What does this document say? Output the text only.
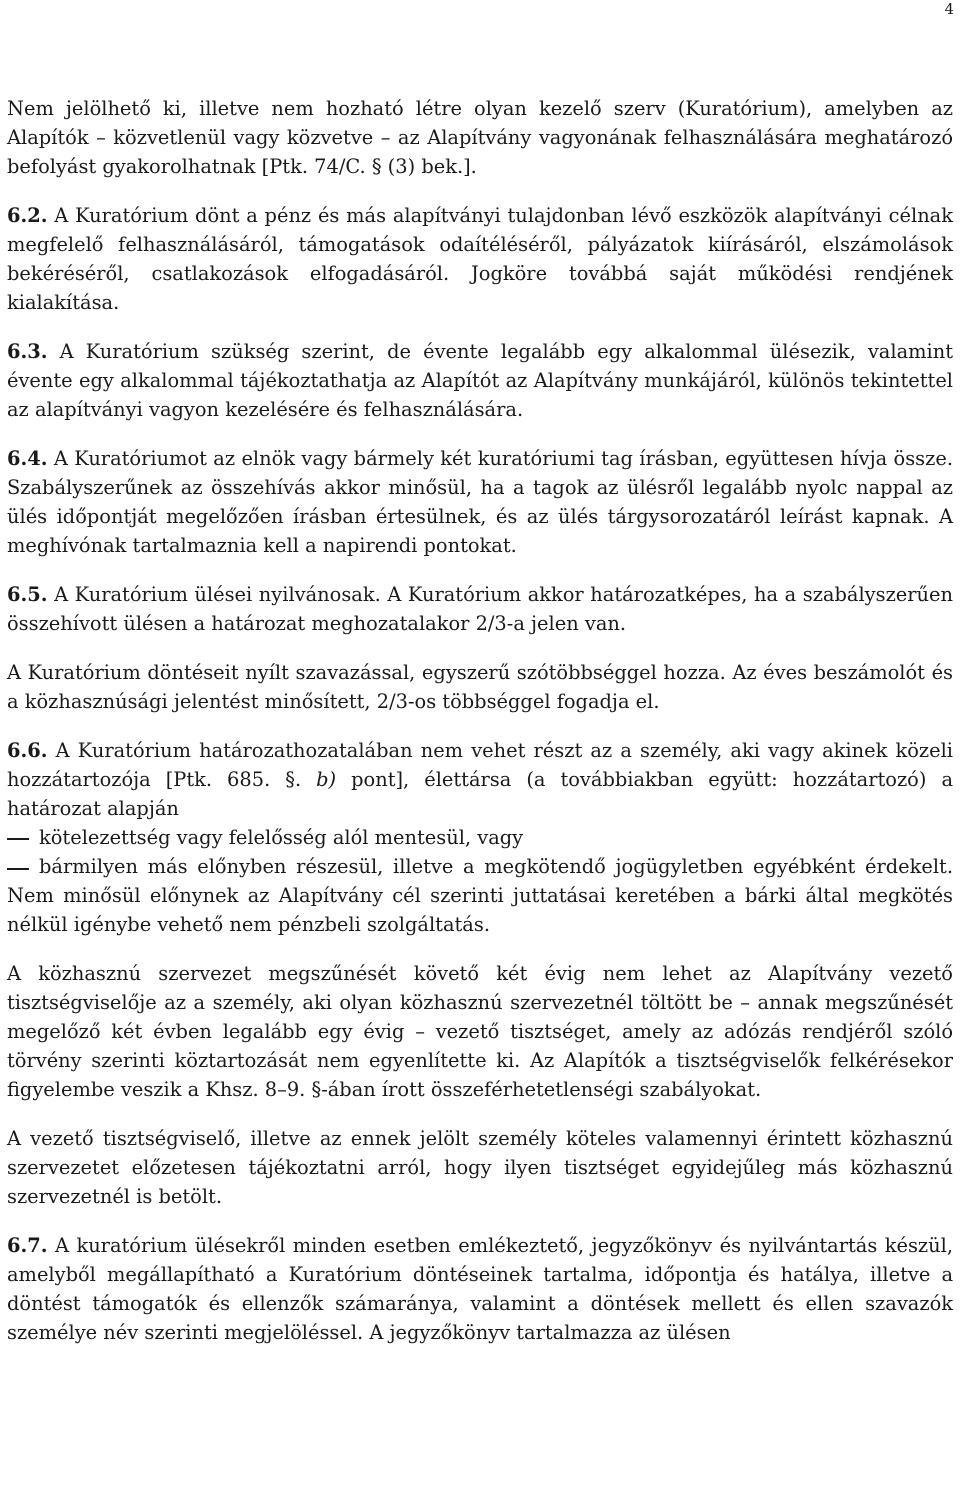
4

Nem jelölhető ki, illetve nem hozható létre olyan kezelő szerv (Kuratórium), amelyben az Alapítók – közvetlenül vagy közvetve – az Alapítvány vagyonának felhasználására meghatározó befolyást gyakorolhatnak [Ptk. 74/C. § (3) bek.].

6.2. A Kuratórium dönt a pénz és más alapítványi tulajdonban lévő eszközök alapítványi célnak megfelelő felhasználásáról, támogatások odaítéléséről, pályázatok kiírásáról, elszámolások bekéréséről, csatlakozások elfogadásáról. Jogköre továbbá saját működési rendjének kialakítása.

6.3. A Kuratórium szükség szerint, de évente legalább egy alkalommal ülésezik, valamint évente egy alkalommal tájékoztathatja az Alapítót az Alapítvány munkájáról, különös tekintettel az alapítványi vagyon kezelésére és felhasználására.

6.4. A Kuratóriumot az elnök vagy bármely két kuratóriumi tag írásban, együttesen hívja össze. Szabályszerűnek az összehívás akkor minősül, ha a tagok az ülésről legalább nyolc nappal az ülés időpontját megelőzően írásban értesülnek, és az ülés tárgysorozatáról leírást kapnak. A meghívónak tartalmaznia kell a napirendi pontokat.

6.5. A Kuratórium ülései nyilvánosak. A Kuratórium akkor határozatképes, ha a szabályszerűen összehívott ülésen a határozat meghozatalakor 2/3-a jelen van.

A Kuratórium döntéseit nyílt szavazással, egyszerű szótöbbséggel hozza. Az éves beszámolót és a közhasznúsági jelentést minősített, 2/3-os többséggel fogadja el.

6.6. A Kuratórium határozathozatalában nem vehet részt az a személy, aki vagy akinek közeli hozzátartozója [Ptk. 685. §. b) pont], élettársa (a továbbiakban együtt: hozzátartozó) a határozat alapján

kötelezettség vagy felelősség alól mentesül, vagy

bármilyen más előnyben részesül, illetve a megkötendő jogügyletben egyébként érdekelt. Nem minősül előnynek az Alapítvány cél szerinti juttatásai keretében a bárki által megkötés nélkül igénybe vehető nem pénzbeli szolgáltatás.

A közhasznú szervezet megszűnését követő két évig nem lehet az Alapítvány vezető tisztségviselője az a személy, aki olyan közhasznú szervezetnél töltött be – annak megszűnését megelőző két évben legalább egy évig – vezető tisztséget, amely az adózás rendjéről szóló törvény szerinti köztartozását nem egyenlítette ki. Az Alapítók a tisztségviselők felkérésekor figyelembe veszik a Khsz. 8–9. §-ában írott összeférhetetlenségi szabályokat.

A vezető tisztségviselő, illetve az ennek jelölt személy köteles valamennyi érintett közhasznú szervezetet előzetesen tájékoztatni arról, hogy ilyen tisztséget egyidejűleg más közhasznú szervezetnél is betölt.

6.7. A kuratórium ülésekről minden esetben emlékeztető, jegyzőkönyv és nyilvántartás készül, amelyből megállapítható a Kuratórium döntéseinek tartalma, időpontja és hatálya, illetve a döntést támogatók és ellenzők számaránya, valamint a döntések mellett és ellen szavazók személye név szerinti megjelöléssel. A jegyzőkönyv tartalmazza az ülésen
